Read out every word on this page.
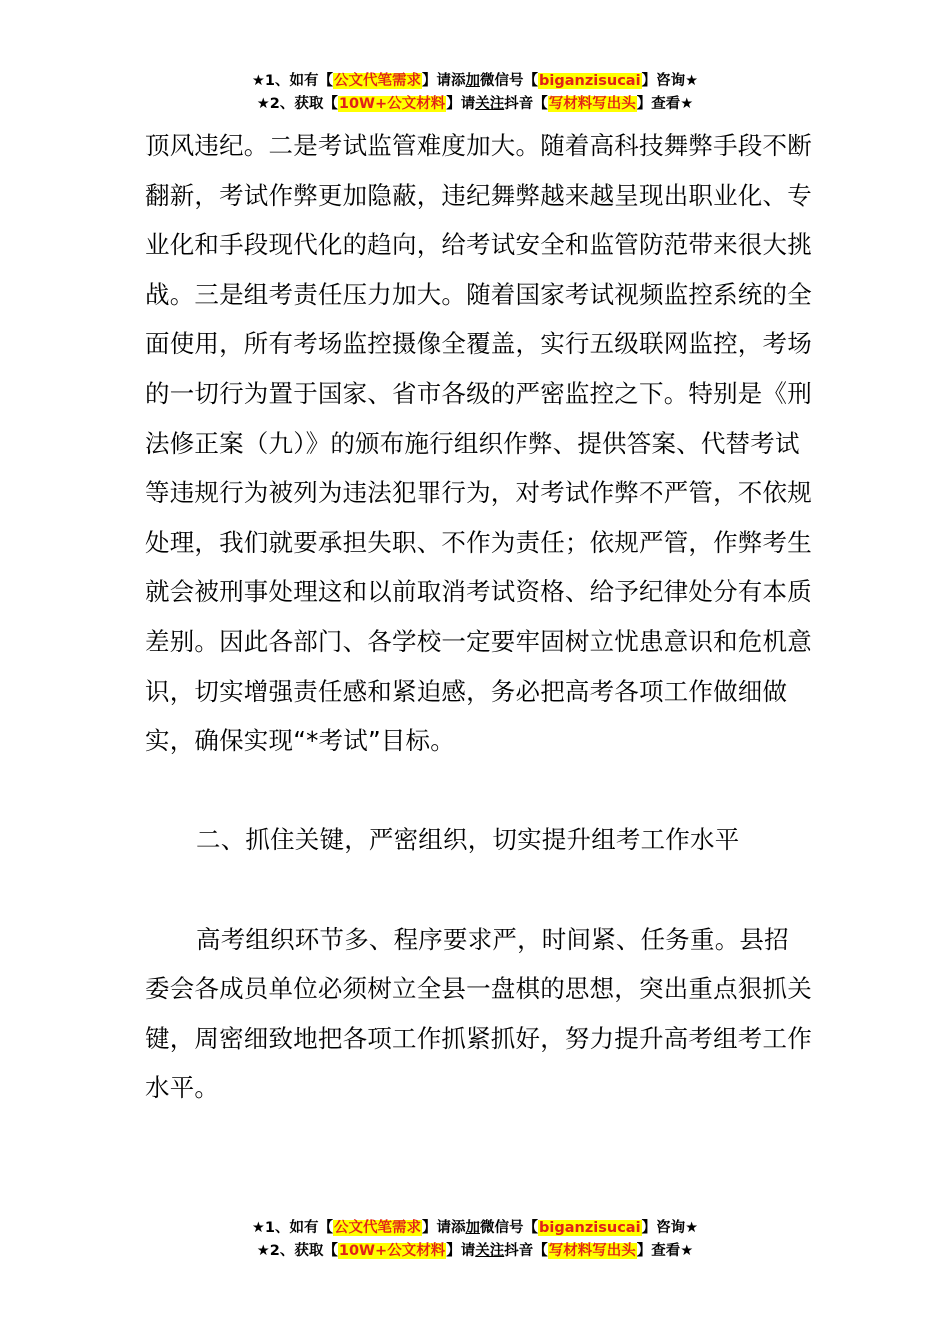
★1、如有【公文代笔需求】请添加微信号【biganzisucai】咨询★
★2、获取【10W+公文材料】请关注抖音【写材料写出头】查看★

顶风违纪。二是考试监管难度加大。随着高科技舞弊手段不断翻新，考试作弊更加隐蔽，违纪舞弊越来越呈现出职业化、专业化和手段现代化的趋向，给考试安全和监管防范带来很大挑战。三是组考责任压力加大。随着国家考试视频监控系统的全面使用，所有考场监控摄像全覆盖，实行五级联网监控，考场的一切行为置于国家、省市各级的严密监控之下。特别是《刑法修正案（九）》的颁布施行组织作弊、提供答案、代替考试等违规行为被列为违法犯罪行为，对考试作弊不严管，不依规处理，我们就要承担失职、不作为责任；依规严管，作弊考生就会被刑事处理这和以前取消考试资格、给予纪律处分有本质差别。因此各部门、各学校一定要牢固树立忧患意识和危机意识，切实增强责任感和紧迫感，务必把高考各项工作做细做实，确保实现“*考试”目标。

二、抓住关键，严密组织，切实提升组考工作水平

高考组织环节多、程序要求严，时间紧、任务重。县招委会各成员单位必须树立全县一盘棋的思想，突出重点狠抓关键，周密细致地把各项工作抓紧抓好，努力提升高考组考工作水平。

★1、如有【公文代笔需求】请添加微信号【biganzisucai】咨询★
★2、获取【10W+公文材料】请关注抖音【写材料写出头】查看★
